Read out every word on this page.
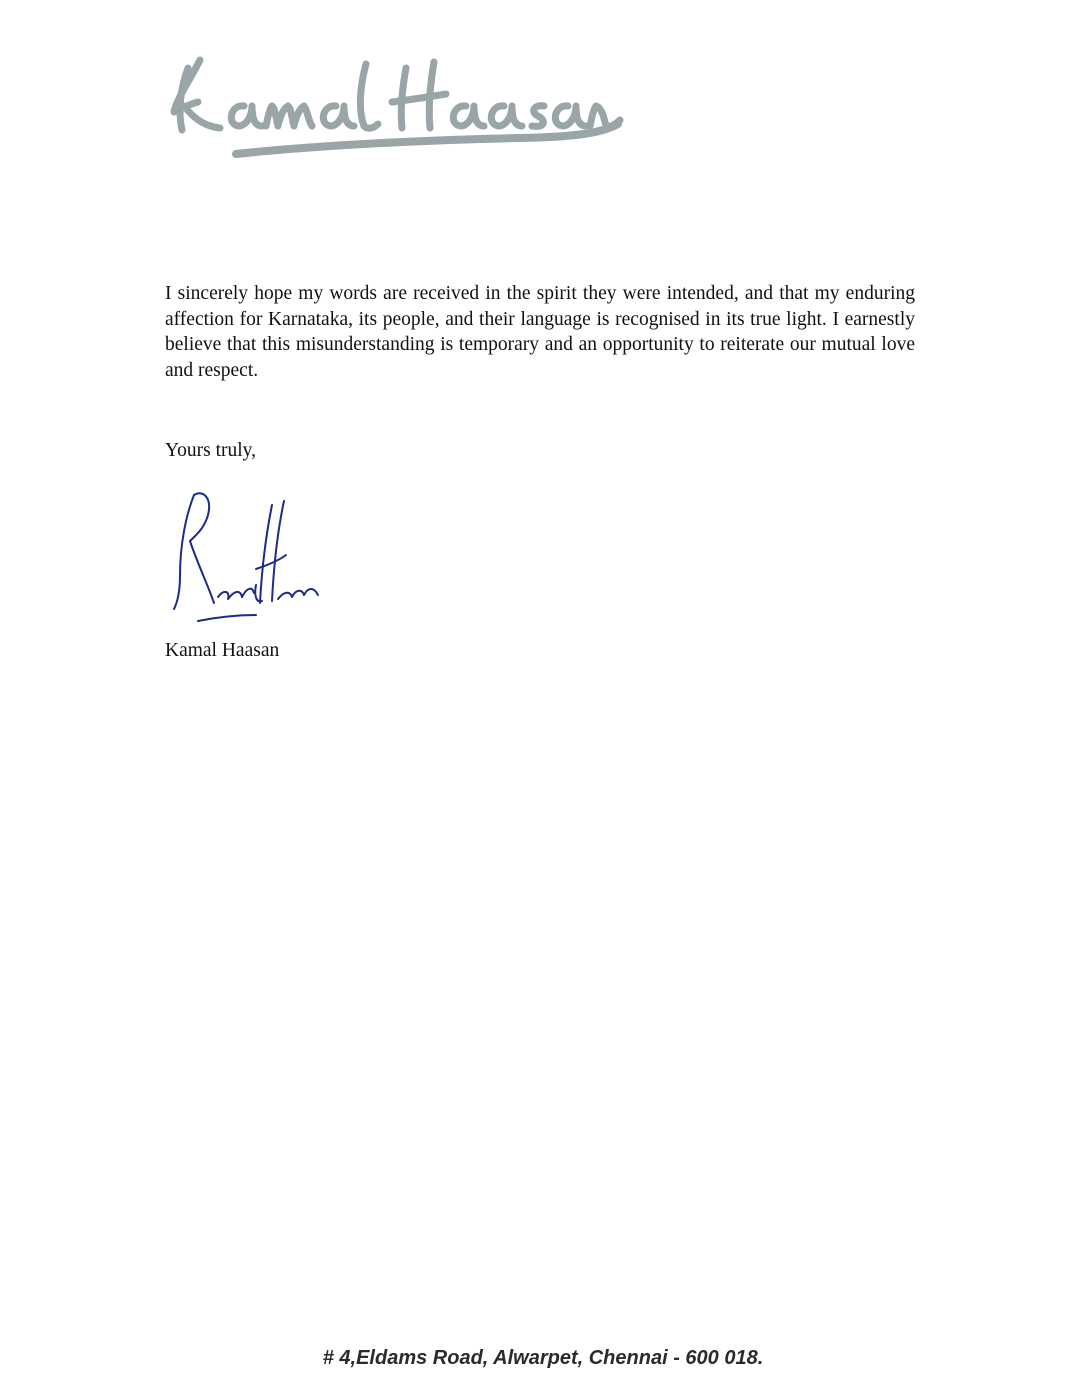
I sincerely hope my words are received in the spirit they were intended, and that my enduring affection for Karnataka, its people, and their language is recognised in its true light. I earnestly believe that this misunderstanding is temporary and an opportunity to reiterate our mutual love and respect.

Yours truly,

Kamal Haasan

# 4,Eldams Road, Alwarpet, Chennai - 600 018.
